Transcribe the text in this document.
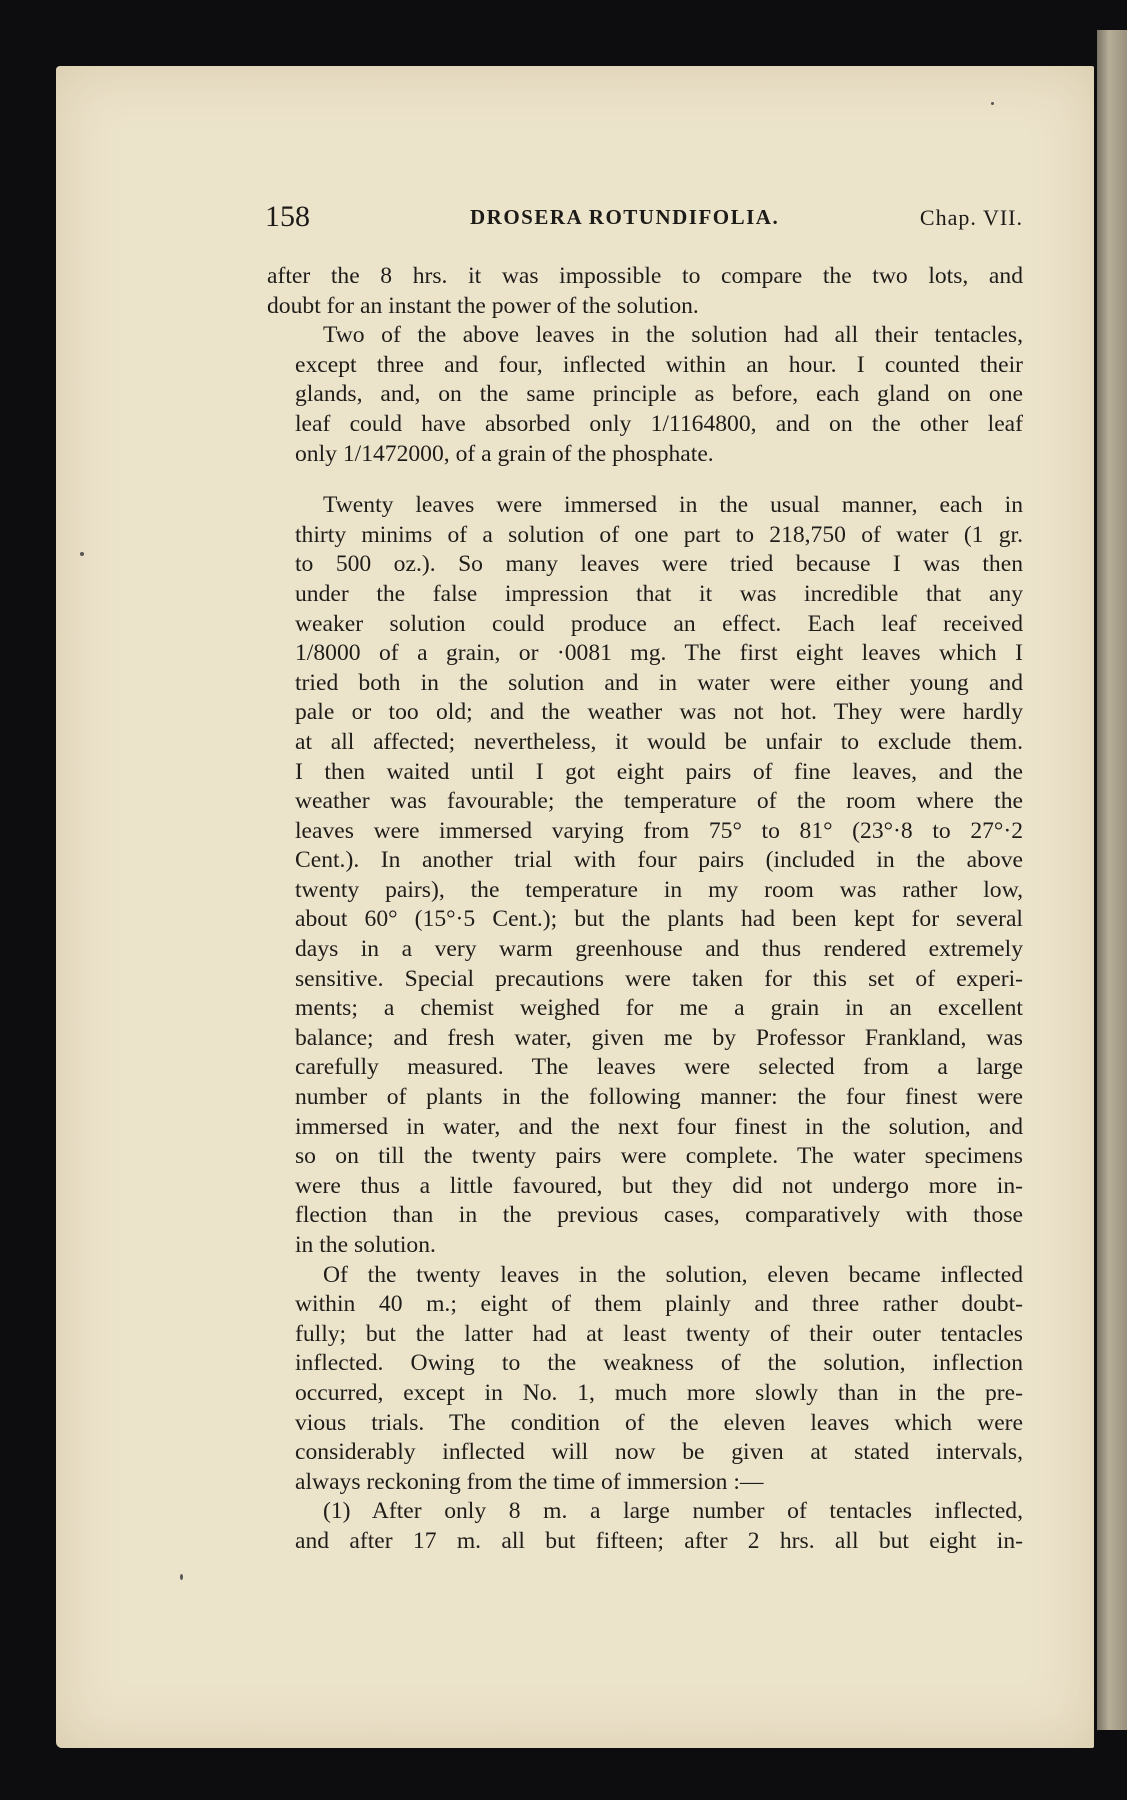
158	DROSERA ROTUNDIFOLIA.	Chap. VII.

after the 8 hrs. it was impossible to compare the two lots, and
doubt for an instant the power of the solution.

Two of the above leaves in the solution had all their tentacles,
except three and four, inflected within an hour. I counted their
glands, and, on the same principle as before, each gland on one
leaf could have absorbed only 1/1164800, and on the other leaf
only 1/1472000, of a grain of the phosphate.

Twenty leaves were immersed in the usual manner, each in
thirty minims of a solution of one part to 218,750 of water (1 gr.
to 500 oz.). So many leaves were tried because I was then
under the false impression that it was incredible that any
weaker solution could produce an effect. Each leaf received
1/8000 of a grain, or ·0081 mg. The first eight leaves which I
tried both in the solution and in water were either young and
pale or too old; and the weather was not hot. They were hardly
at all affected; nevertheless, it would be unfair to exclude them.
I then waited until I got eight pairs of fine leaves, and the
weather was favourable; the temperature of the room where the
leaves were immersed varying from 75° to 81° (23°·8 to 27°·2
Cent.). In another trial with four pairs (included in the above
twenty pairs), the temperature in my room was rather low,
about 60° (15°·5 Cent.); but the plants had been kept for several
days in a very warm greenhouse and thus rendered extremely
sensitive. Special precautions were taken for this set of experi-
ments; a chemist weighed for me a grain in an excellent
balance; and fresh water, given me by Professor Frankland, was
carefully measured. The leaves were selected from a large
number of plants in the following manner: the four finest were
immersed in water, and the next four finest in the solution, and
so on till the twenty pairs were complete. The water specimens
were thus a little favoured, but they did not undergo more in-
flection than in the previous cases, comparatively with those
in the solution.

Of the twenty leaves in the solution, eleven became inflected
within 40 m.; eight of them plainly and three rather doubt-
fully; but the latter had at least twenty of their outer tentacles
inflected. Owing to the weakness of the solution, inflection
occurred, except in No. 1, much more slowly than in the pre-
vious trials. The condition of the eleven leaves which were
considerably inflected will now be given at stated intervals,
always reckoning from the time of immersion :—

(1) After only 8 m. a large number of tentacles inflected,
and after 17 m. all but fifteen; after 2 hrs. all but eight in-
